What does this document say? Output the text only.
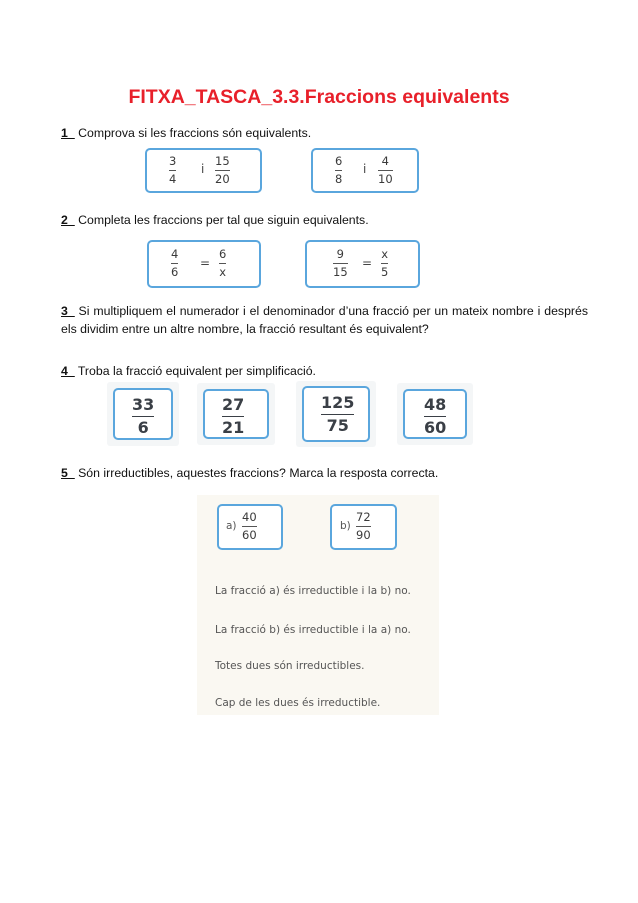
FITXA_TASCA_3.3.Fraccions equivalents
1_ Comprova si les fraccions són equivalents.
3
4
i
15
20
6
8
i
4
10
2_ Completa les fraccions per tal que siguin equivalents.
4
6
=
6
x
9
15
=
x
5
3_ Si multipliquem el numerador i el denominador d’una fracció per un mateix nombre i després els dividim entre un altre nombre, la fracció resultant és equivalent?
4_ Troba la fracció equivalent per simplificació.
33
6
27
21
125
75
48
60
5_ Són irreductibles, aquestes fraccions? Marca la resposta correcta.
a)
40
60
b)
72
90
La fracció a) és irreductible i la b) no.
La fracció b) és irreductible i la a) no.
Totes dues són irreductibles.
Cap de les dues és irreductible.
